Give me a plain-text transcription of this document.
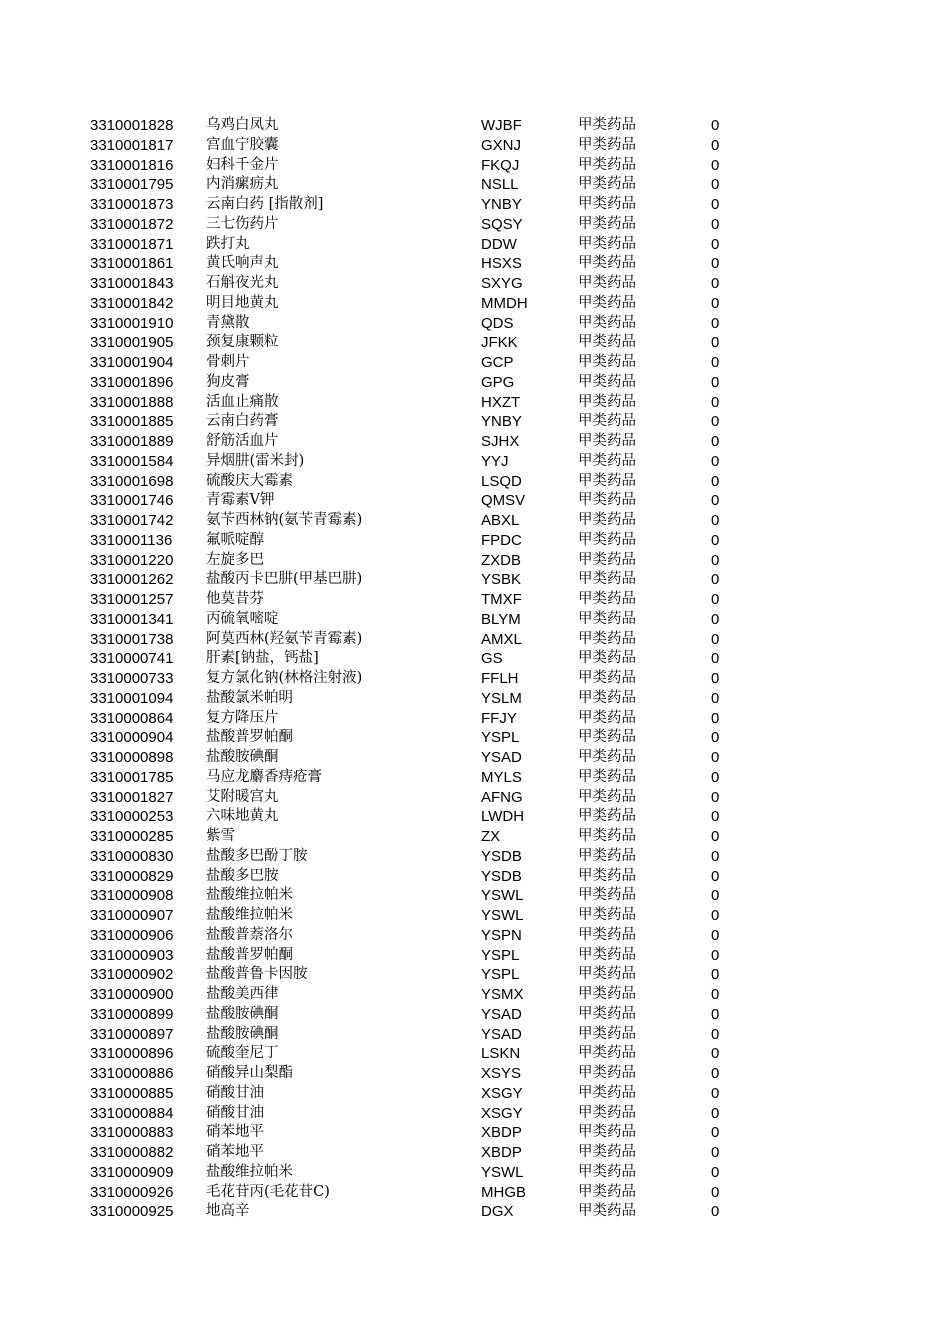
3310001828 乌鸡白凤丸	WJBF	甲类药品	0
3310001817 宫血宁胶囊	GXNJ	甲类药品	0
3310001816 妇科千金片	FKQJ	甲类药品	0
3310001795 内消瘰疬丸	NSLL	甲类药品	0
3310001873 云南白药 [指散剂]	YNBY	甲类药品	0
3310001872 三七伤药片	SQSY	甲类药品	0
3310001871 跌打丸	DDW	甲类药品	0
3310001861 黄氏响声丸	HSXS	甲类药品	0
3310001843 石斛夜光丸	SXYG	甲类药品	0
3310001842 明目地黄丸	MMDH	甲类药品	0
3310001910 青黛散	QDS	甲类药品	0
3310001905 颈复康颗粒	JFKK	甲类药品	0
3310001904 骨刺片	GCP	甲类药品	0
3310001896 狗皮膏	GPG	甲类药品	0
3310001888 活血止痛散	HXZT	甲类药品	0
3310001885 云南白药膏	YNBY	甲类药品	0
3310001889 舒筋活血片	SJHX	甲类药品	0
3310001584 异烟肼(雷米封)	YYJ	甲类药品	0
3310001698 硫酸庆大霉素	LSQD	甲类药品	0
3310001746 青霉素V钾	QMSV	甲类药品	0
3310001742 氨苄西林钠(氨苄青霉素)	ABXL	甲类药品	0
3310001136 氟哌啶醇	FPDC	甲类药品	0
3310001220 左旋多巴	ZXDB	甲类药品	0
3310001262 盐酸丙卡巴肼(甲基巴肼)	YSBK	甲类药品	0
3310001257 他莫昔芬	TMXF	甲类药品	0
3310001341 丙硫氧嘧啶	BLYM	甲类药品	0
3310001738 阿莫西林(羟氨苄青霉素)	AMXL	甲类药品	0
3310000741 肝素[钠盐，钙盐]	GS	甲类药品	0
3310000733 复方氯化钠(林格注射液)	FFLH	甲类药品	0
3310001094 盐酸氯米帕明	YSLM	甲类药品	0
3310000864 复方降压片	FFJY	甲类药品	0
3310000904 盐酸普罗帕酮	YSPL	甲类药品	0
3310000898 盐酸胺碘酮	YSAD	甲类药品	0
3310001785 马应龙麝香痔疮膏	MYLS	甲类药品	0
3310001827 艾附暖宫丸	AFNG	甲类药品	0
3310000253 六味地黄丸	LWDH	甲类药品	0
3310000285 紫雪	ZX	甲类药品	0
3310000830 盐酸多巴酚丁胺	YSDB	甲类药品	0
3310000829 盐酸多巴胺	YSDB	甲类药品	0
3310000908 盐酸维拉帕米	YSWL	甲类药品	0
3310000907 盐酸维拉帕米	YSWL	甲类药品	0
3310000906 盐酸普萘洛尔	YSPN	甲类药品	0
3310000903 盐酸普罗帕酮	YSPL	甲类药品	0
3310000902 盐酸普鲁卡因胺	YSPL	甲类药品	0
3310000900 盐酸美西律	YSMX	甲类药品	0
3310000899 盐酸胺碘酮	YSAD	甲类药品	0
3310000897 盐酸胺碘酮	YSAD	甲类药品	0
3310000896 硫酸奎尼丁	LSKN	甲类药品	0
3310000886 硝酸异山梨酯	XSYS	甲类药品	0
3310000885 硝酸甘油	XSGY	甲类药品	0
3310000884 硝酸甘油	XSGY	甲类药品	0
3310000883 硝苯地平	XBDP	甲类药品	0
3310000882 硝苯地平	XBDP	甲类药品	0
3310000909 盐酸维拉帕米	YSWL	甲类药品	0
3310000926 毛花苷丙(毛花苷C)	MHGB	甲类药品	0
3310000925 地高辛	DGX	甲类药品	0
